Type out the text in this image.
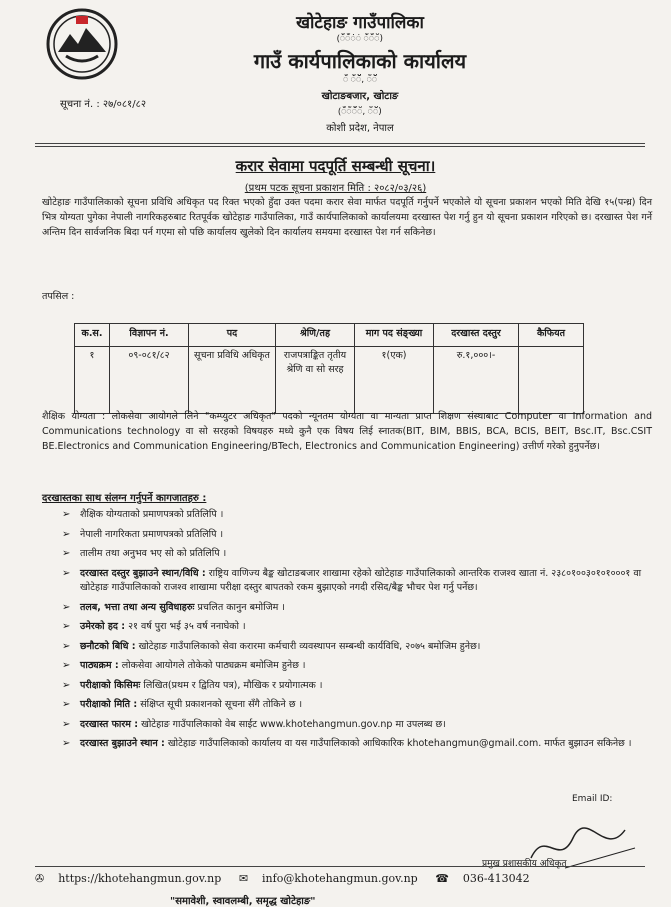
खोटेहाङ गाउँपालिका
(ॅंंॅंंंंं ॅंंॅंंॅ)
गाउँ कार्यपालिकाको कार्यालय
ॅंं ॅंंॅॅॅॅ, ॅंॅॅॅ
खोटाङबजार, खोटाङ
(ॅंंॅंॅॅंॅ, ॅंॅॅ)
कोशी प्रदेश, नेपाल
सूचना नं. : २७/०८१/८२
करार सेवामा पदपूर्ति सम्बन्धी सूचना।
(प्रथम पटक सूचना प्रकाशन मिति : २०८२/०३/२६)
खोटेहाङ गाउँपालिकाको सूचना प्रविधि अधिकृत पद रिक्त भएको हुँदा उक्त पदमा करार सेवा मार्फत पदपूर्ति गर्नुपर्ने भएकोले यो सूचना प्रकाशन भएको मिति देखि १५(पन्ध्र) दिन भित्र योग्यता पुगेका नेपाली नागरिकहरुबाट रितपूर्वक खोटेहाङ गाउँपालिका, गाउँ कार्यपालिकाको कार्यालयमा दरखास्त पेश गर्नु हुन यो सूचना प्रकाशन गरिएको छ। दरखास्त पेश गर्ने अन्तिम दिन सार्वजनिक बिदा पर्न गएमा सो पछि कार्यालय खुलेको दिन कार्यालय समयमा दरखास्त पेश गर्न सकिनेछ।
तपसिल :
क.स.	विज्ञापन नं.	पद	श्रेणि/तह	माग पद संङ्ख्या	दरखास्त दस्तुर	कैफियत
१	०९-०८१/८२	सूचना प्रविधि अधिकृत	राजपत्राङ्कित तृतीय श्रेणि वा सो सरह	१(एक)	रु.१,०००।-	
शैक्षिक योग्यता : लोकसेवा आयोगले लिने "कम्प्युटर अधिकृत" पदको न्यूनतम योग्यता वा मान्यता प्राप्त शिक्षण संस्थाबाट Computer वा Information and Communications technology वा सो सरहको विषयहरु मध्ये कुनै एक विषय लिई स्नातक(BIT, BIM, BBIS, BCA, BCIS, BEIT, Bsc.IT, Bsc.CSIT BE.Electronics and Communication Engineering/BTech, Electronics and Communication Engineering) उत्तीर्ण गरेको हुनुपर्नेछ।
दरखास्तका साथ संलग्न गर्नुपर्ने कागजातहरु :
➢ शैक्षिक योग्यताको प्रमाणपत्रको प्रतिलिपि ।
➢ नेपाली नागरिकता प्रमाणपत्रको प्रतिलिपि ।
➢ तालीम तथा अनुभव भए सो को प्रतिलिपि ।
➢ दरखास्त दस्तुर बुझाउने स्थान/विधि : राष्ट्रिय वाणिज्य बैङ्क खोटाङबजार शाखामा रहेको खोटेहाङ गाउँपालिकाको आन्तरिक राजश्व खाता नं. २३८०१००३०१०१०००१ वा खोटेहाङ गाउँपालिकाको राजश्व शाखामा परीक्षा दस्तुर बापतको रकम बुझाएको नगदी रसिद/बैङ्क भौचर पेश गर्नु पर्नेछ।
➢ तलब, भत्ता तथा अन्य सुविधाहरुः प्रचलित कानुन बमोजिम ।
➢ उमेरको हद : २१ वर्ष पुरा भई ३५ वर्ष ननाघेको ।
➢ छनौटको बिधि : खोटेहाङ गाउँपालिकाको सेवा करारमा कर्मचारी व्यवस्थापन सम्बन्धी कार्यविधि, २०७५ बमोजिम हुनेछ।
➢ पाठ्यक्रम : लोकसेवा आयोगले तोकेको पाठ्यक्रम बमोजिम हुनेछ ।
➢ परीक्षाको किसिमः लिखित(प्रथम र द्वितिय पत्र), मौखिक र प्रयोगात्मक ।
➢ परीक्षाको मिति : संक्षिप्त सूची प्रकाशनको सूचना सँगै तोकिने छ ।
➢ दरखास्त फारम : खोटेहाङ गाउँपालिकाको वेब साईट www.khotehangmun.gov.np मा उपलब्ध छ।
➢ दरखास्त बुझाउने स्थान : खोटेहाङ गाउँपालिकाको कार्यालय वा यस गाउँपालिकाको आधिकारिक khotehangmun@gmail.com. मार्फत बुझाउन सकिनेछ ।
Email ID:
प्रमुख प्रशासकीय अधिकृत
✇ https://khotehangmun.gov.np ✉ info@khotehangmun.gov.np ☎ 036-413042
"समावेशी, स्वावलम्बी, समृद्ध खोटेहाङ"
